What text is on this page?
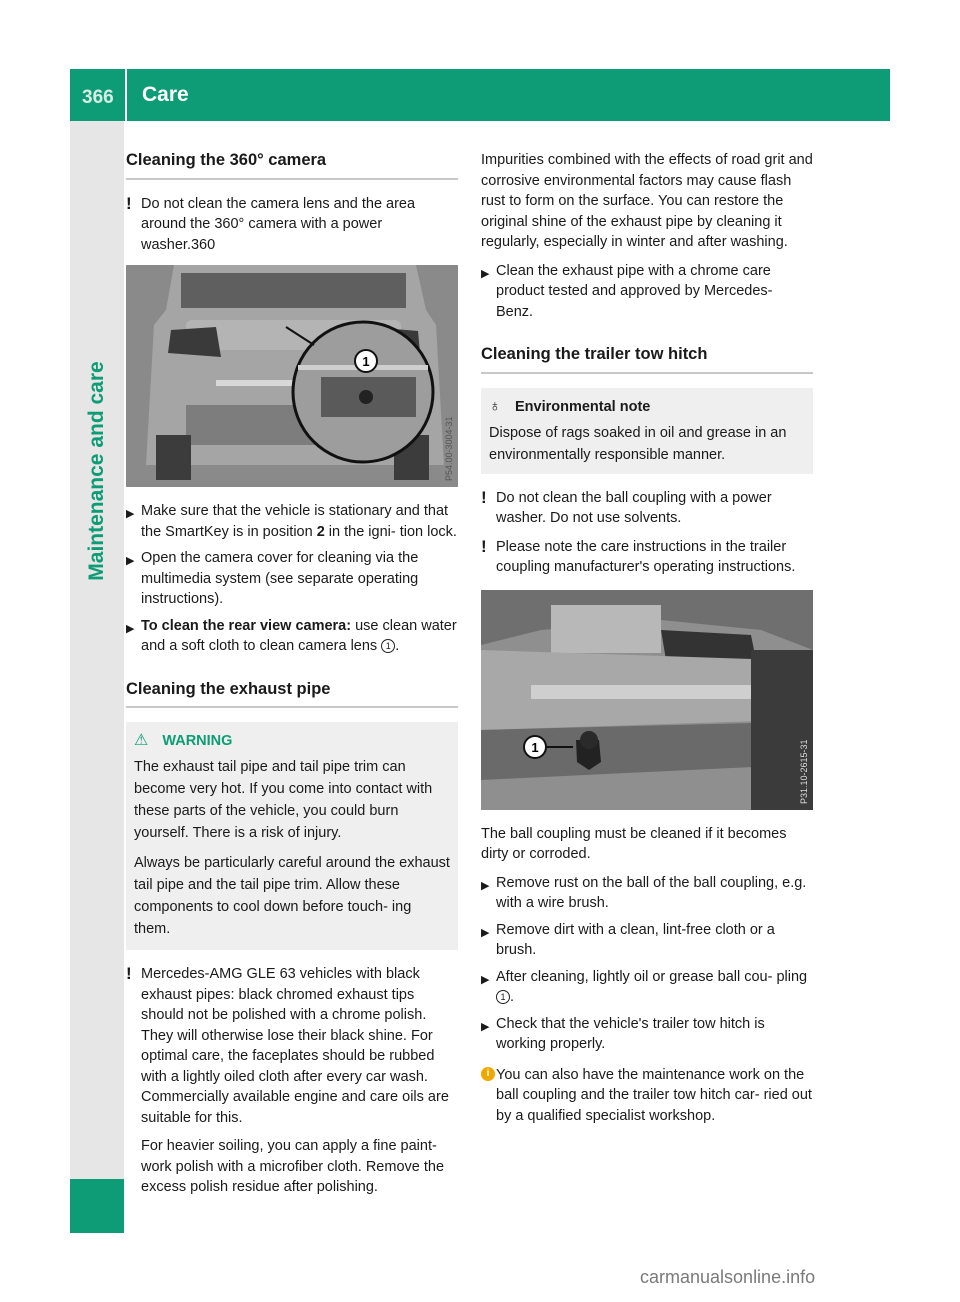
366 Care
Maintenance and care
Cleaning the 360° camera
! Do not clean the camera lens and the area around the 360° camera with a power washer.360
1
P54.00-3004-31
▶ Make sure that the vehicle is stationary and that the SmartKey is in position 2 in the igni- tion lock.
▶ Open the camera cover for cleaning via the multimedia system (see separate operating instructions).
▶ To clean the rear view camera: use clean water and a soft cloth to clean camera lens 1 .
Cleaning the exhaust pipe
⚠ WARNING

The exhaust tail pipe and tail pipe trim can become very hot. If you come into contact with these parts of the vehicle, you could burn yourself. There is a risk of injury.

Always be particularly careful around the exhaust tail pipe and the tail pipe trim. Allow these components to cool down before touch- ing them.

! Mercedes-AMG GLE 63 vehicles with black exhaust pipes: black chromed exhaust tips should not be polished with a chrome polish. They will otherwise lose their black shine. For optimal care, the faceplates should be rubbed with a lightly oiled cloth after every car wash. Commercially available engine and care oils are suitable for this.

For heavier soiling, you can apply a fine paint- work polish with a microfiber cloth. Remove the excess polish residue after polishing.

Impurities combined with the effects of road grit and corrosive environmental factors may cause flash rust to form on the surface. You can restore the original shine of the exhaust pipe by cleaning it regularly, especially in winter and after washing.

▶ Clean the exhaust pipe with a chrome care product tested and approved by Mercedes- Benz.
Cleaning the trailer tow hitch
♁ Environmental note

Dispose of rags soaked in oil and grease in an environmentally responsible manner.

! Do not clean the ball coupling with a power washer. Do not use solvents.
! Please note the care instructions in the trailer coupling manufacturer's operating instructions.
1	P31.10-2615-31

The ball coupling must be cleaned if it becomes dirty or corroded.

▶ Remove rust on the ball of the ball coupling, e.g. with a wire brush.
▶ Remove dirt with a clean, lint-free cloth or a brush.
▶ After cleaning, lightly oil or grease ball cou- pling 1 .
▶ Check that the vehicle's trailer tow hitch is working properly.
i You can also have the maintenance work on the ball coupling and the trailer tow hitch car- ried out by a qualified specialist workshop.
carmanualsonline.info
